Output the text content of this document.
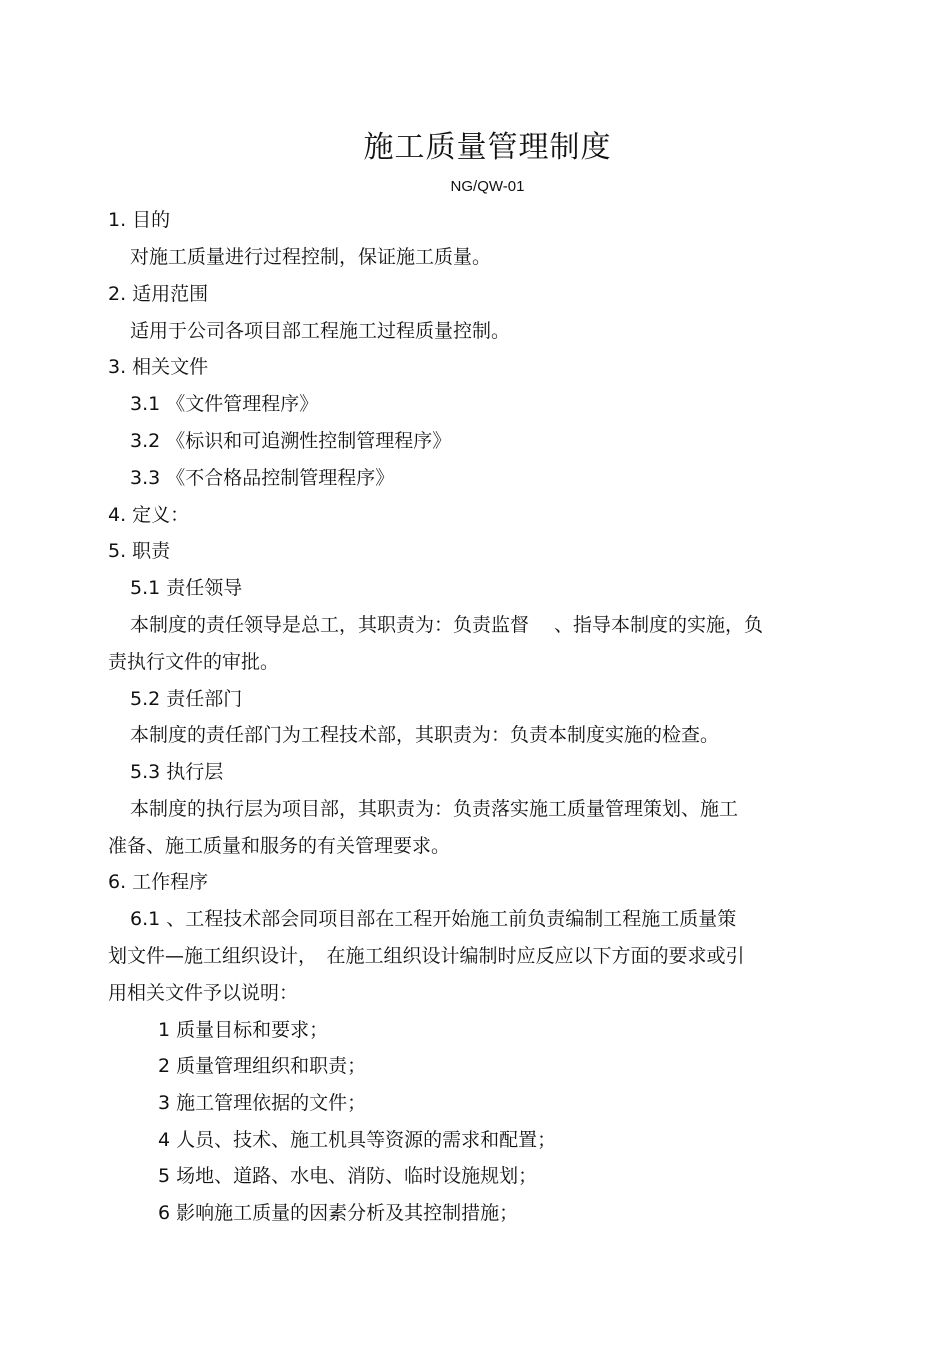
施工质量管理制度
NG/QW-01
1. 目的
对施工质量进行过程控制，保证施工质量。
2. 适用范围
适用于公司各项目部工程施工过程质量控制。
3. 相关文件
3.1 《文件管理程序》
3.2 《标识和可追溯性控制管理程序》
3.3 《不合格品控制管理程序》
4. 定义：
5. 职责
5.1 责任领导
本制度的责任领导是总工，其职责为：负责监督　 、指导本制度的实施，负
责执行文件的审批。
5.2 责任部门
本制度的责任部门为工程技术部，其职责为：负责本制度实施的检查。
5.3 执行层
本制度的执行层为项目部，其职责为：负责落实施工质量管理策划、施工
准备、施工质量和服务的有关管理要求。
6. 工作程序
6.1 、工程技术部会同项目部在工程开始施工前负责编制工程施工质量策
划文件—施工组织设计，　在施工组织设计编制时应反应以下方面的要求或引
用相关文件予以说明：
1 质量目标和要求；
2 质量管理组织和职责；
3 施工管理依据的文件；
4 人员、技术、施工机具等资源的需求和配置；
5 场地、道路、水电、消防、临时设施规划；
6 影响施工质量的因素分析及其控制措施；
